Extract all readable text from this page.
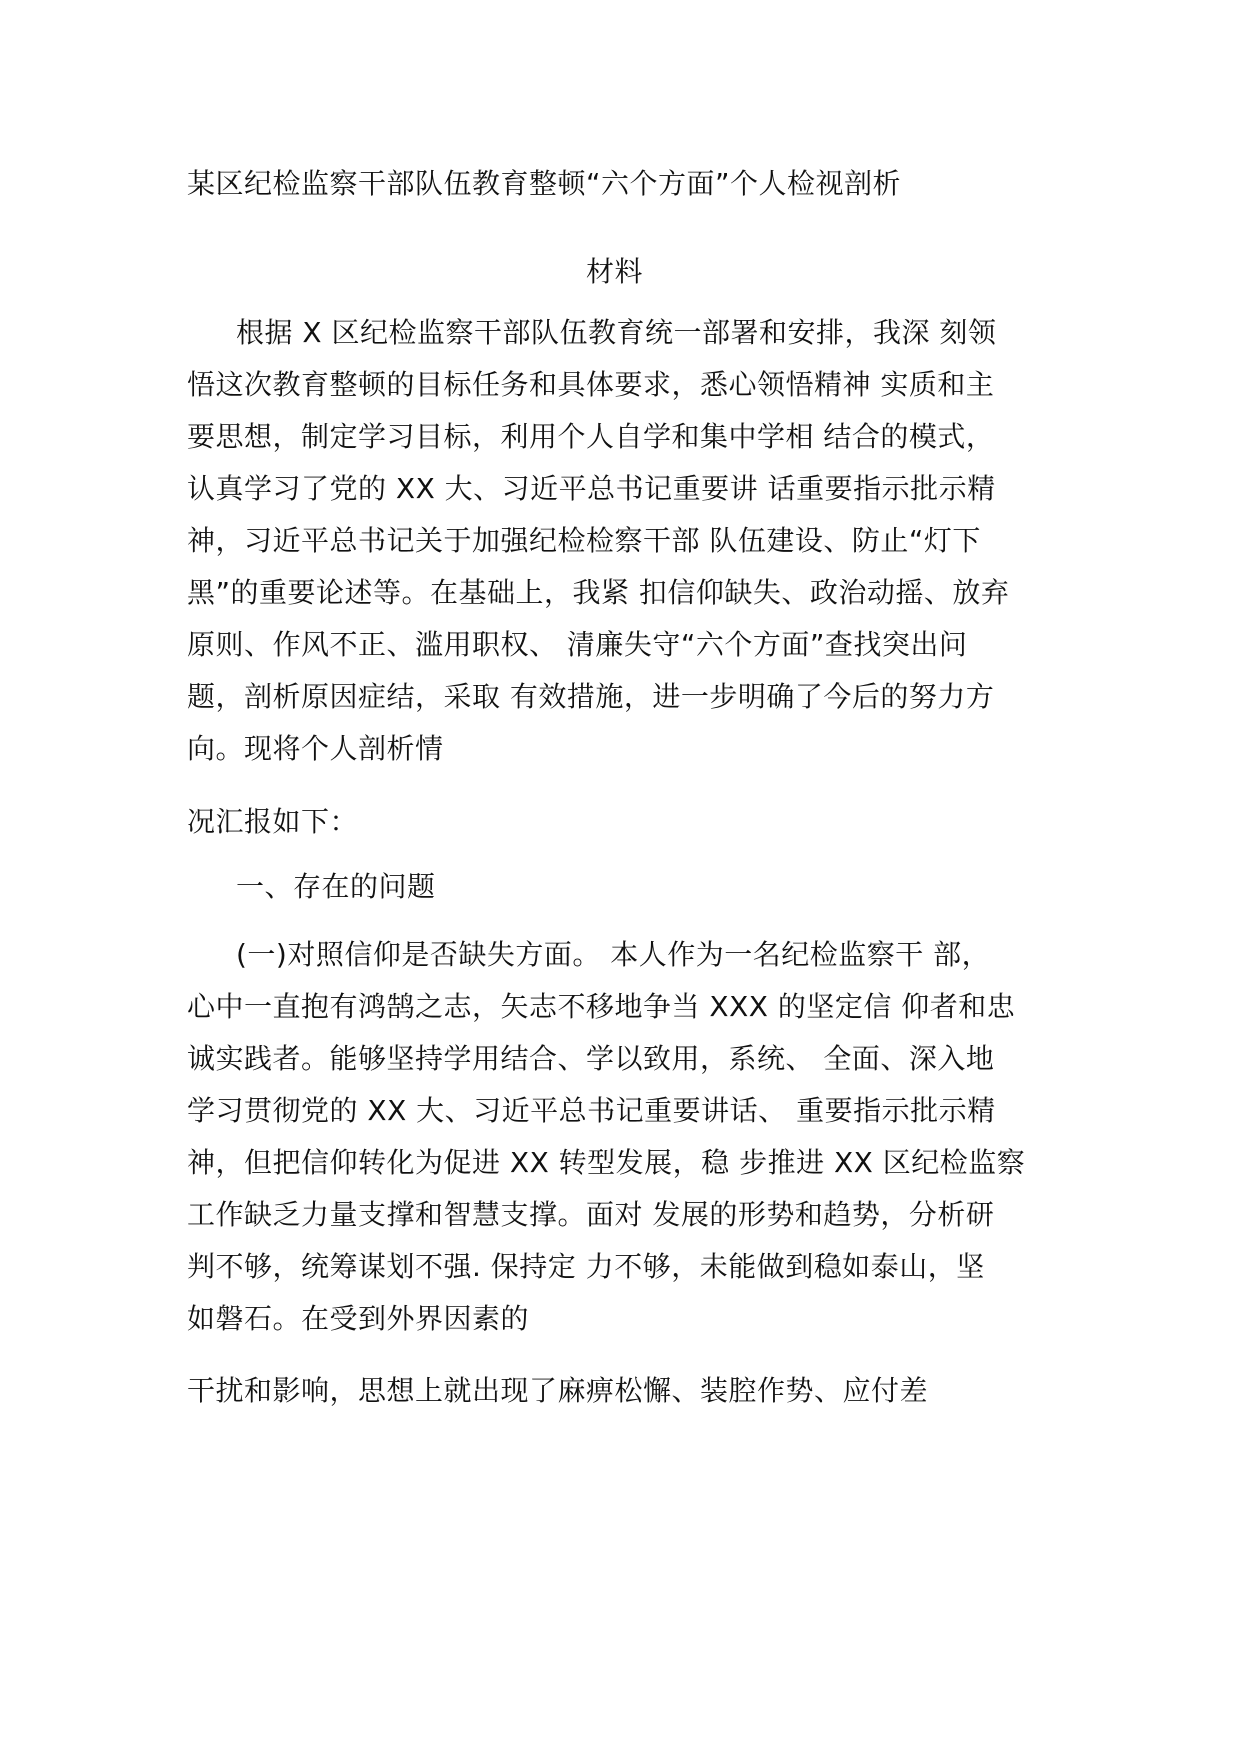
某区纪检监察干部队伍教育整顿“六个方面”个人检视剖析
材料
根据 X 区纪检监察干部队伍教育统一部署和安排，我深 刻领
悟这次教育整顿的目标任务和具体要求，悉心领悟精神 实质和主
要思想，制定学习目标，利用个人自学和集中学相 结合的模式，
认真学习了党的 XX 大、习近平总书记重要讲 话重要指示批示精
神，习近平总书记关于加强纪检检察干部 队伍建设、防止“灯下
黑”的重要论述等。在基础上，我紧 扣信仰缺失、政治动摇、放弃
原则、作风不正、滥用职权、 清廉失守“六个方面”查找突出问
题，剖析原因症结，采取 有效措施，进一步明确了今后的努力方
向。现将个人剖析情
况汇报如下：
一、存在的问题
(一)对照信仰是否缺失方面。 本人作为一名纪检监察干 部，
心中一直抱有鸿鹄之志，矢志不移地争当 XXX 的坚定信 仰者和忠
诚实践者。能够坚持学用结合、学以致用，系统、 全面、深入地
学习贯彻党的 XX 大、习近平总书记重要讲话、 重要指示批示精
神，但把信仰转化为促进 XX 转型发展，稳 步推进 XX 区纪检监察
工作缺乏力量支撑和智慧支撑。面对 发展的形势和趋势，分析研
判不够，统筹谋划不强. 保持定 力不够，未能做到稳如泰山，坚
如磐石。在受到外界因素的
干扰和影响，思想上就出现了麻痹松懈、装腔作势、应付差
